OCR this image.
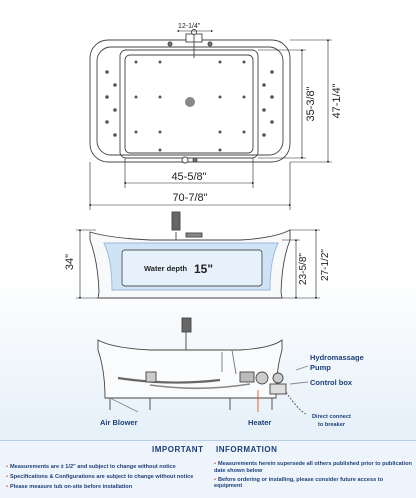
12-1/4"
45-5/8"
70-7/8"
35-3/8" 47-1/4"
34"	Water depth 15"	23-5/8" 27-1/2"
Hydromassage Pump
Control box
Direct connect to breaker
Air Blower	Heater
IMPORTANT INFORMATION
• Measurements are ± 1/2" and subject to change without notice
• Specifications & Configurations are subject to change without notice
• Please measure tub on-site before installation
• Measurements herein supersede all others published prior to publication date shown below
• Before ordering or installing, please consider future access to equipment
